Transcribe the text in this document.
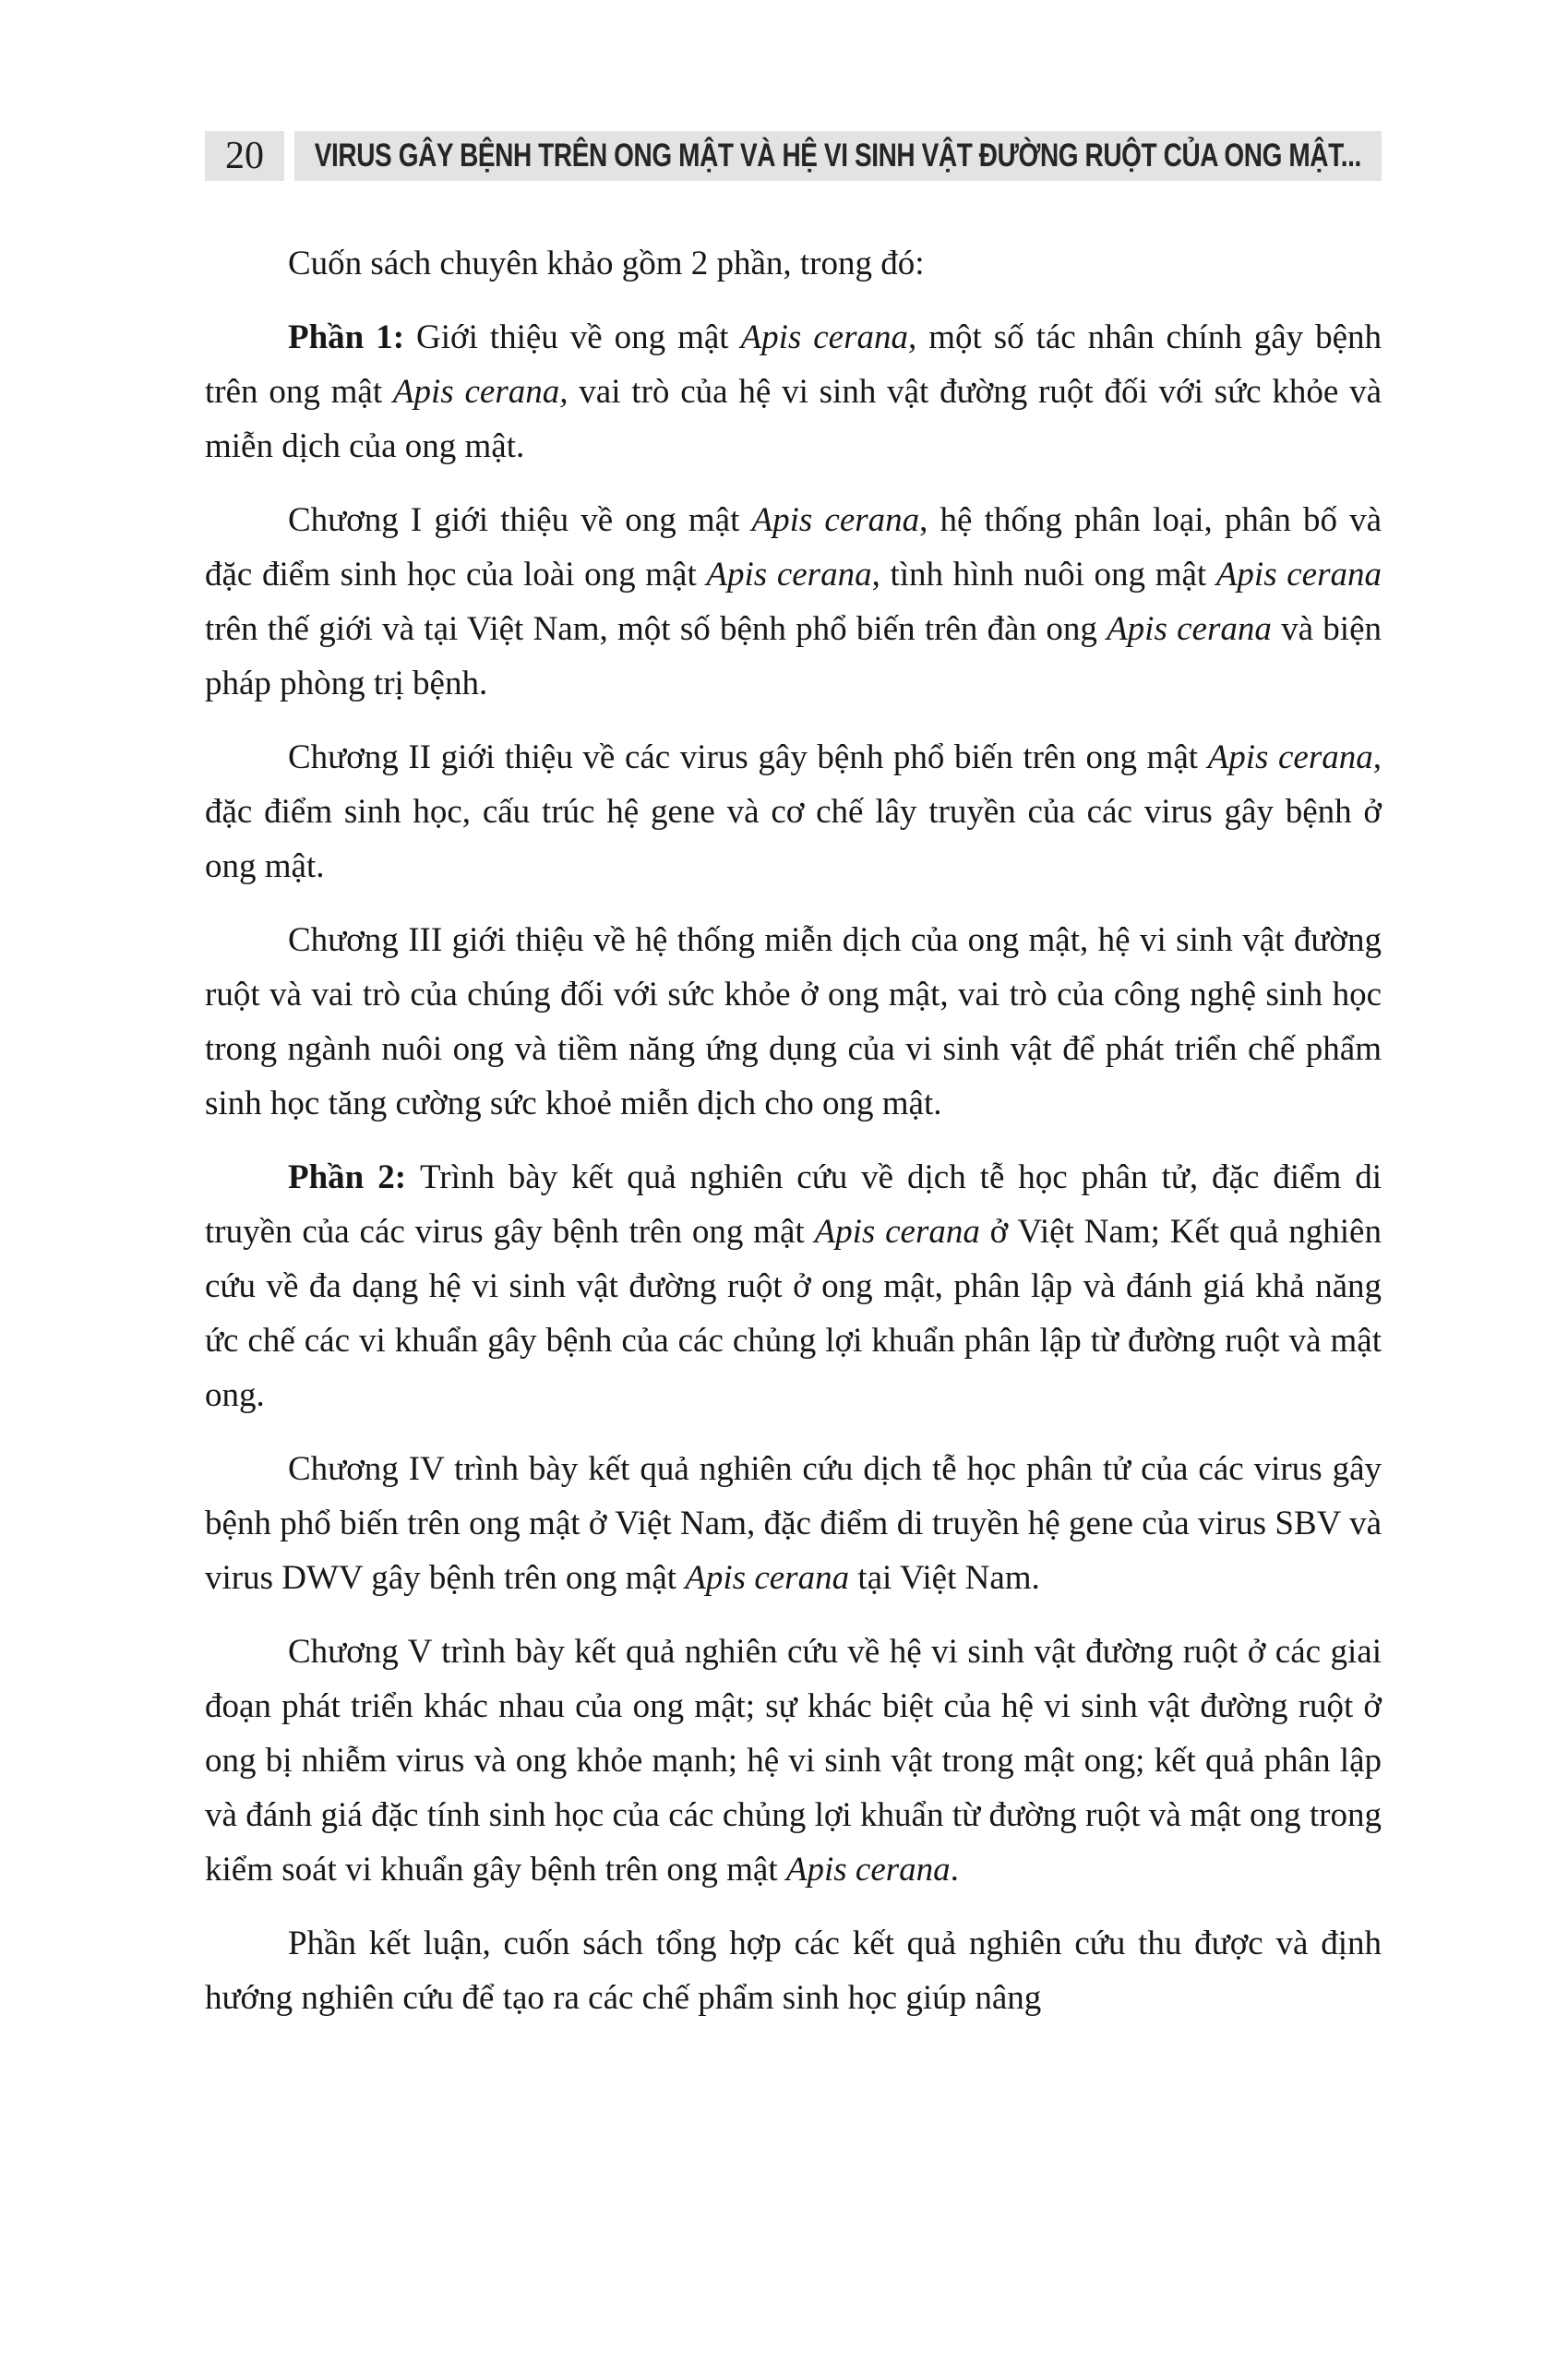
20 VIRUS GÂY BỆNH TRÊN ONG MẬT VÀ HỆ VI SINH VẬT ĐƯỜNG RUỘT CỦA ONG MẬT...

Cuốn sách chuyên khảo gồm 2 phần, trong đó:

Phần 1: Giới thiệu về ong mật Apis cerana, một số tác nhân chính gây bệnh trên ong mật Apis cerana, vai trò của hệ vi sinh vật đường ruột đối với sức khỏe và miễn dịch của ong mật.

Chương I giới thiệu về ong mật Apis cerana, hệ thống phân loại, phân bố và đặc điểm sinh học của loài ong mật Apis cerana, tình hình nuôi ong mật Apis cerana trên thế giới và tại Việt Nam, một số bệnh phổ biến trên đàn ong Apis cerana và biện pháp phòng trị bệnh.

Chương II giới thiệu về các virus gây bệnh phổ biến trên ong mật Apis cerana, đặc điểm sinh học, cấu trúc hệ gene và cơ chế lây truyền của các virus gây bệnh ở ong mật.

Chương III giới thiệu về hệ thống miễn dịch của ong mật, hệ vi sinh vật đường ruột và vai trò của chúng đối với sức khỏe ở ong mật, vai trò của công nghệ sinh học trong ngành nuôi ong và tiềm năng ứng dụng của vi sinh vật để phát triển chế phẩm sinh học tăng cường sức khoẻ miễn dịch cho ong mật.

Phần 2: Trình bày kết quả nghiên cứu về dịch tễ học phân tử, đặc điểm di truyền của các virus gây bệnh trên ong mật Apis cerana ở Việt Nam; Kết quả nghiên cứu về đa dạng hệ vi sinh vật đường ruột ở ong mật, phân lập và đánh giá khả năng ức chế các vi khuẩn gây bệnh của các chủng lợi khuẩn phân lập từ đường ruột và mật ong.

Chương IV trình bày kết quả nghiên cứu dịch tễ học phân tử của các virus gây bệnh phổ biến trên ong mật ở Việt Nam, đặc điểm di truyền hệ gene của virus SBV và virus DWV gây bệnh trên ong mật Apis cerana tại Việt Nam.

Chương V trình bày kết quả nghiên cứu về hệ vi sinh vật đường ruột ở các giai đoạn phát triển khác nhau của ong mật; sự khác biệt của hệ vi sinh vật đường ruột ở ong bị nhiễm virus và ong khỏe mạnh; hệ vi sinh vật trong mật ong; kết quả phân lập và đánh giá đặc tính sinh học của các chủng lợi khuẩn từ đường ruột và mật ong trong kiểm soát vi khuẩn gây bệnh trên ong mật Apis cerana.

Phần kết luận, cuốn sách tổng hợp các kết quả nghiên cứu thu được và định hướng nghiên cứu để tạo ra các chế phẩm sinh học giúp nâng
